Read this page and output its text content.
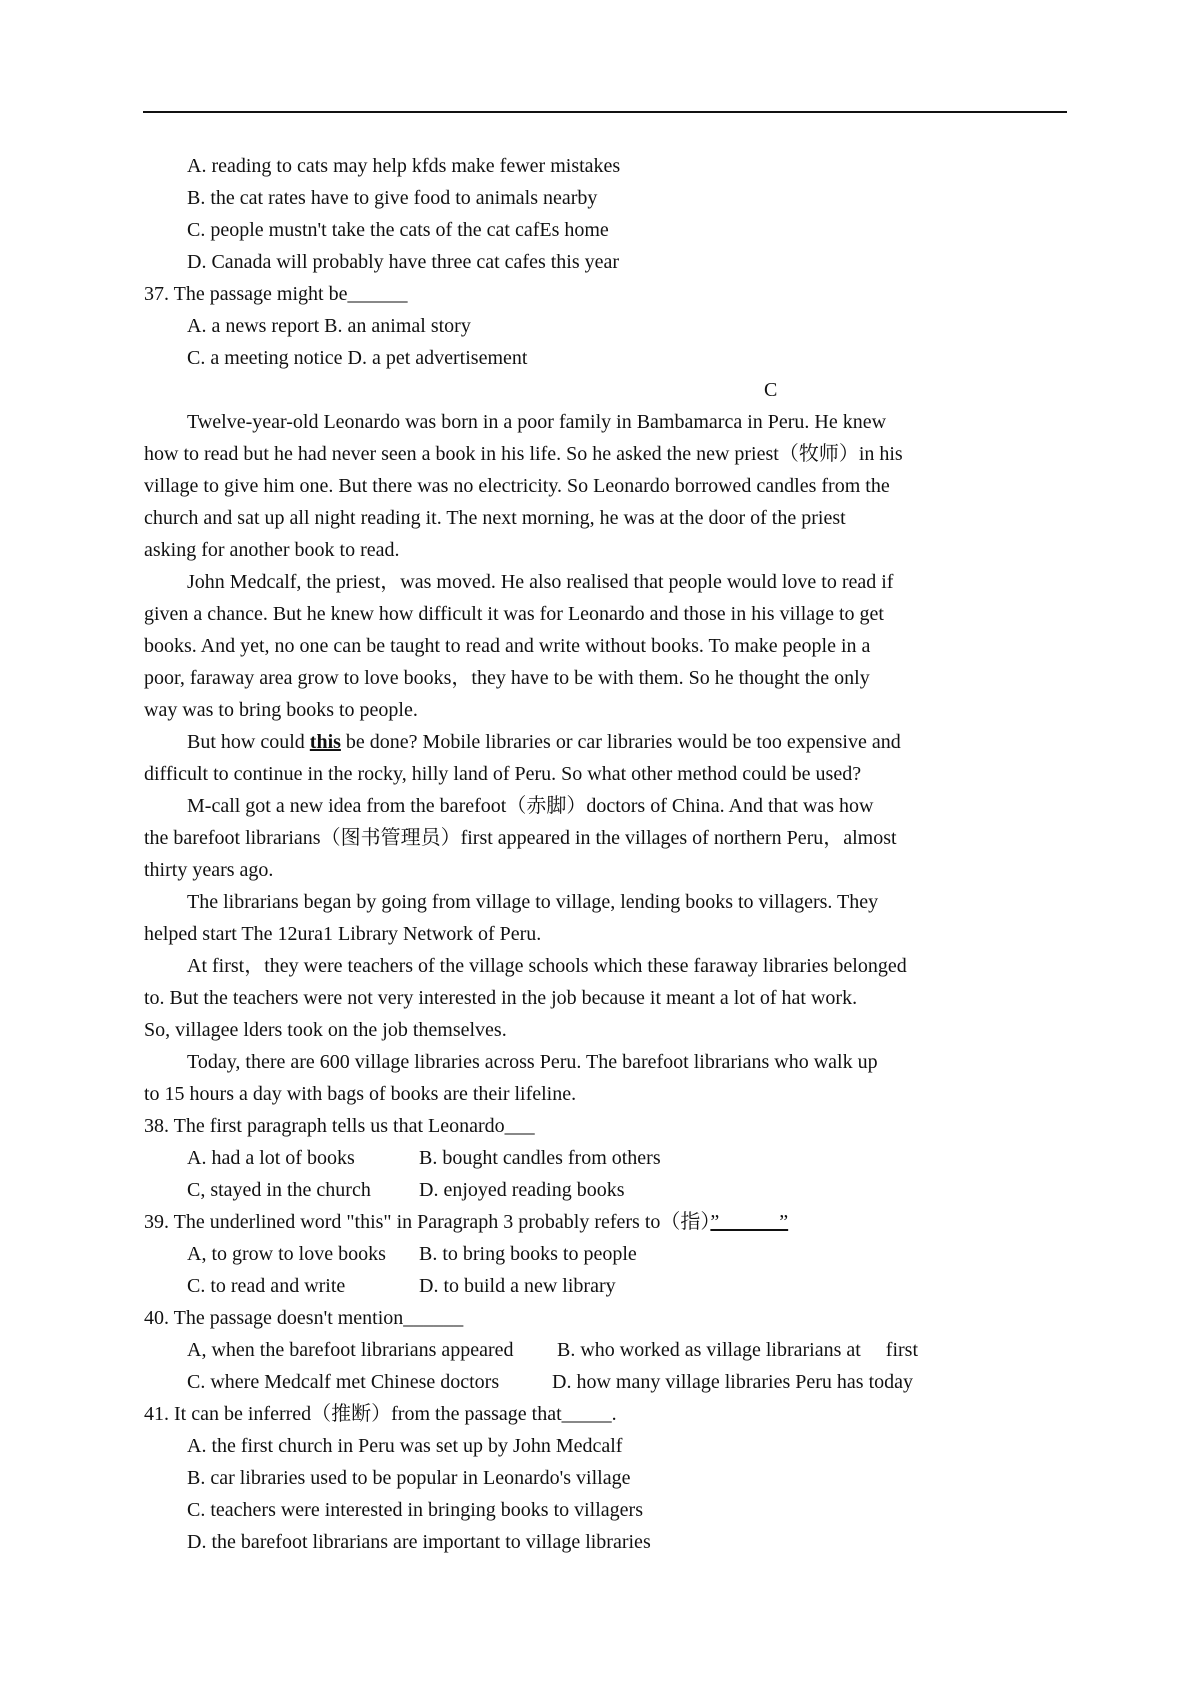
A. reading to cats may help kfds make fewer mistakes
B. the cat rates have to give food to animals nearby
C. people mustn't take the cats of the cat cafEs home
D. Canada will probably have three cat cafes this year
37. The passage might be______
A. a news report B. an animal story
C. a meeting notice D. a pet advertisement
C
Twelve-year-old Leonardo was born in a poor family in Bambamarca in Peru. He knew
how to read but he had never seen a book in his life. So he asked the new priest（牧师）in his
village to give him one. But there was no electricity. So Leonardo borrowed candles from the
church and sat up all night reading it. The next morning, he was at the door of the priest
asking for another book to read.
John Medcalf, the priest，was moved. He also realised that people would love to read if
given a chance. But he knew how difficult it was for Leonardo and those in his village to get
books. And yet, no one can be taught to read and write without books. To make people in a
poor, faraway area grow to love books，they have to be with them. So he thought the only
way was to bring books to people.
But how could this be done? Mobile libraries or car libraries would be too expensive and
difficult to continue in the rocky, hilly land of Peru. So what other method could be used?
M-call got a new idea from the barefoot（赤脚）doctors of China. And that was how
the barefoot librarians（图书管理员）first appeared in the villages of northern Peru，almost
thirty years ago.
The librarians began by going from village to village, lending books to villagers. They
helped start The 12ura1 Library Network of Peru.
At first，they were teachers of the village schools which these faraway libraries belonged
to. But the teachers were not very interested in the job because it meant a lot of hat work.
So, villagee lders took on the job themselves.
Today, there are 600 village libraries across Peru. The barefoot librarians who walk up
to 15 hours a day with bags of books are their lifeline.
38. The first paragraph tells us that Leonardo___
A. had a lot of books	B. bought candles from others
C, stayed in the church D. enjoyed reading books
39. The underlined word "this" in Paragraph 3 probably refers to（指）”______”
A, to grow to love books B. to bring books to people
C. to read and write	D. to build a new library
40. The passage doesn't mention______
A, when the barefoot librarians appeared B. who worked as village librarians at     first
C. where Medcalf met Chinese doctors	D. how many village libraries Peru has today
41. It can be inferred（推断）from the passage that_____.
A. the first church in Peru was set up by John Medcalf
B. car libraries used to be popular in Leonardo's village
C. teachers were interested in bringing books to villagers
D. the barefoot librarians are important to village libraries
